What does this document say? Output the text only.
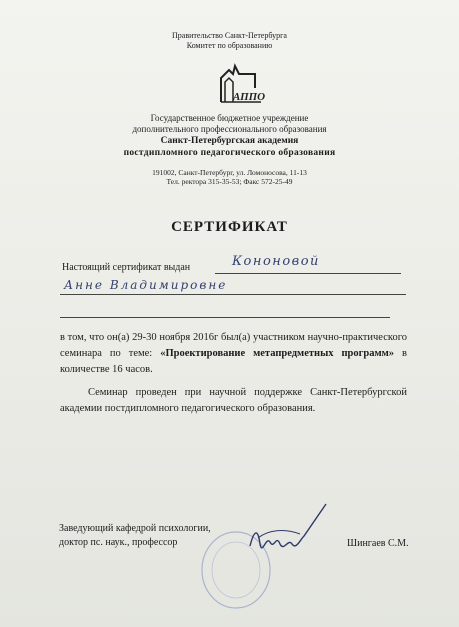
Правительство Санкт-Петербурга
Комитет по образованию
АППО
Государственное бюджетное учреждение
дополнительного профессионального образования
Санкт-Петербургская академия
постдипломного педагогического образования
191002, Санкт-Петербург, ул. Ломоносова, 11-13
Тел. ректора 315-35-53; Факс 572-25-49
СЕРТИФИКАТ
Настоящий сертификат выдан	Кононовой
Анне Владимировне
в том, что он(а) 29-30 ноября 2016г был(а) участником научно-практического семинара по теме: «Проектирование метапредметных программ» в количестве 16 часов.
Семинар проведен при научной поддержке Санкт-Петербургской академии постдипломного педагогического образования.
Заведующий кафедрой психологии,
доктор пс. наук., профессор	Шингаев С.М.
